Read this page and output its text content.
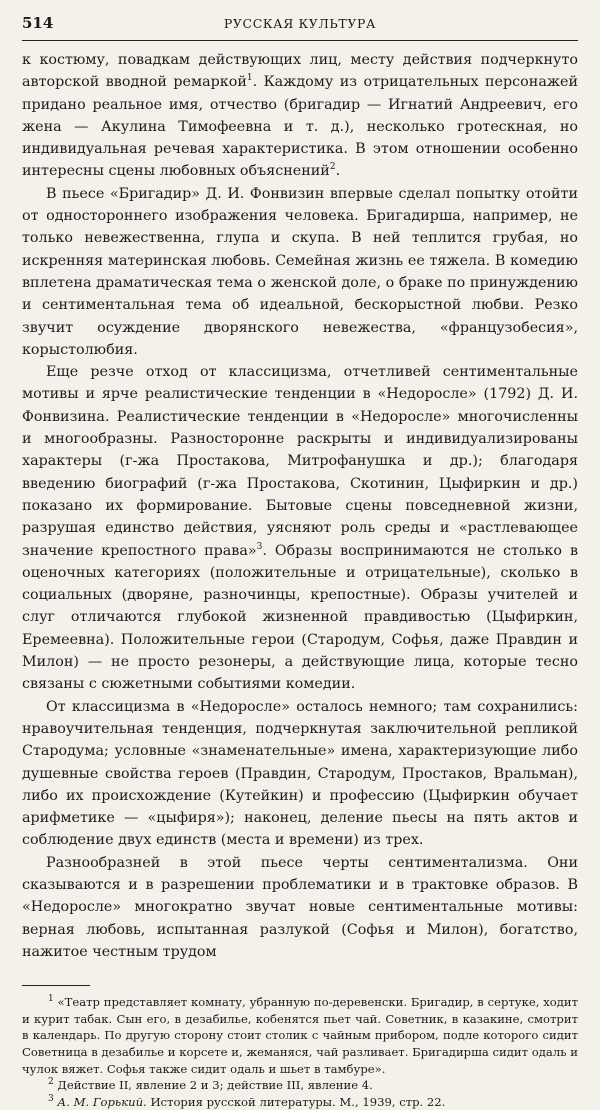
514	РУССКАЯ КУЛЬТУРА

к костюму, повадкам действующих лиц, месту действия подчеркнуто авторской вводной ремаркой$^1$. Каждому из отрицательных персонажей придано реальное имя, отчество (бригадир — Игнатий Андреевич, его жена — Акулина Тимофеевна и т. д.), несколько гротескная, но индивидуальная речевая характеристика. В этом отношении особенно интересны сцены любовных объяснений$^2$.

В пьесе «Бригадир» Д. И. Фонвизин впервые сделал попытку отойти от одностороннего изображения человека. Бригадирша, например, не только невежественна, глупа и скупа. В ней теплится грубая, но искренняя материнская любовь. Семейная жизнь ее тяжела. В комедию вплетена драматическая тема о женской доле, о браке по принуждению и сентиментальная тема об идеальной, бескорыстной любви. Резко звучит осуждение дворянского невежества, «французобесия», корыстолюбия.

Еще резче отход от классицизма, отчетливей сентиментальные мотивы и ярче реалистические тенденции в «Недоросле» (1792) Д. И. Фонвизина. Реалистические тенденции в «Недоросле» многочисленны и многообразны. Разносторонне раскрыты и индивидуализированы характеры (г-жа Простакова, Митрофанушка и др.); благодаря введению биографий (г-жа Простакова, Скотинин, Цыфиркин и др.) показано их формирование. Бытовые сцены повседневной жизни, разрушая единство действия, уясняют роль среды и «растлевающее значение крепостного права»$^3$. Образы воспринимаются не столько в оценочных категориях (положительные и отрицательные), сколько в социальных (дворяне, разночинцы, крепостные). Образы учителей и слуг отличаются глубокой жизненной правдивостью (Цыфиркин, Еремеевна). Положительные герои (Стародум, Софья, даже Правдин и Милон) — не просто резонеры, а действующие лица, которые тесно связаны с сюжетными событиями комедии.

От классицизма в «Недоросле» осталось немного; там сохранились: нравоучительная тенденция, подчеркнутая заключительной репликой Стародума; условные «знаменательные» имена, характеризующие либо душевные свойства героев (Правдин, Стародум, Простаков, Вральман), либо их происхождение (Кутейкин) и профессию (Цыфиркин обучает арифметике — «цыфиря»); наконец, деление пьесы на пять актов и соблюдение двух единств (места и времени) из трех.

Разнообразней в этой пьесе черты сентиментализма. Они сказываются и в разрешении проблематики и в трактовке образов. В «Недоросле» многократно звучат новые сентиментальные мотивы: верная любовь, испытанная разлукой (Софья и Милон), богатство, нажитое честным трудом

$^1$ «Театр представляет комнату, убранную по-деревенски. Бригадир, в сертуке, ходит и курит табак. Сын его, в дезабилье, кобенятся пьет чай. Советник, в казакине, смотрит в календарь. По другую сторону стоит столик с чайным прибором, подле которого сидит Советница в дезабилье и корсете и, жеманяся, чай разливает. Бригадирша сидит одаль и чулок вяжет. Софья также сидит одаль и шьет в тамбуре».

$^2$ Действие II, явление 2 и 3; действие III, явление 4.

$^3$ А. М. Горький. История русской литературы. М., 1939, стр. 22.
